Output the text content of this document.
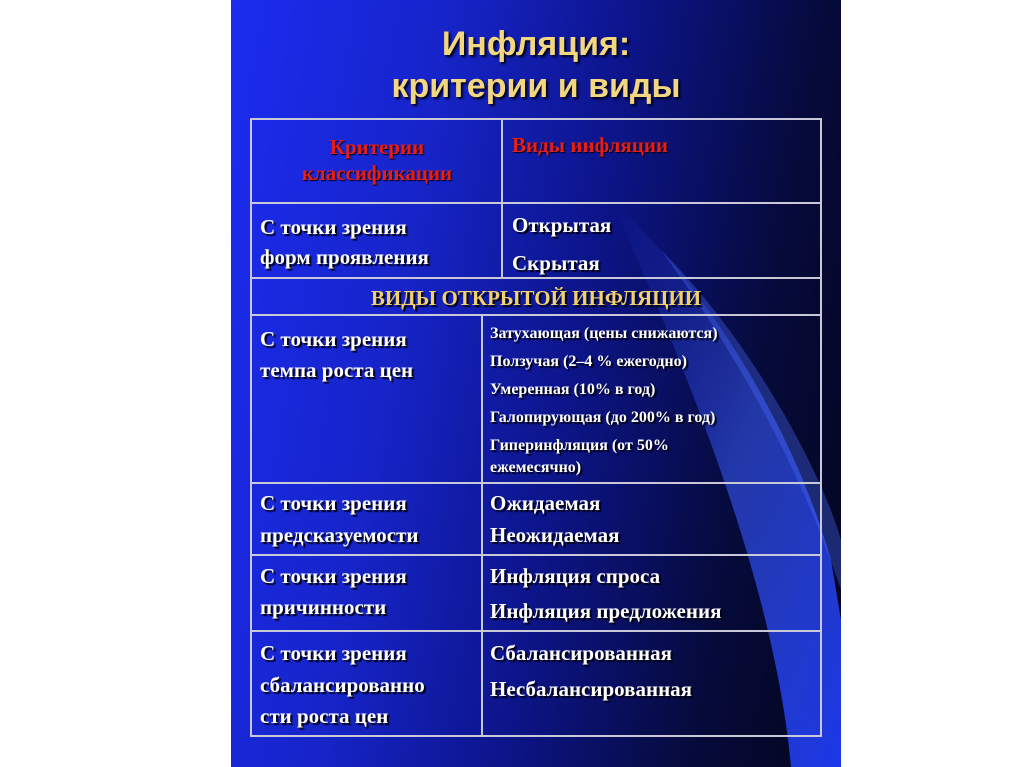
Инфляция:
критерии и виды
Критерии
классификации
Виды инфляции
С точки зрения
форм проявления
Открытая
Скрытая
ВИДЫ ОТКРЫТОЙ ИНФЛЯЦИИ
С точки зрения
темпа роста цен
Затухающая (цены снижаются)
Ползучая (2–4 % ежегодно)
Умеренная (10% в год)
Галопирующая (до 200% в год)
Гиперинфляция (от 50%
ежемесячно)
С точки зрения
предсказуемости
Ожидаемая
Неожидаемая
С точки зрения
причинности
Инфляция спроса
Инфляция предложения
С точки зрения
сбалансированно
сти роста цен
Сбалансированная
Несбалансированная
